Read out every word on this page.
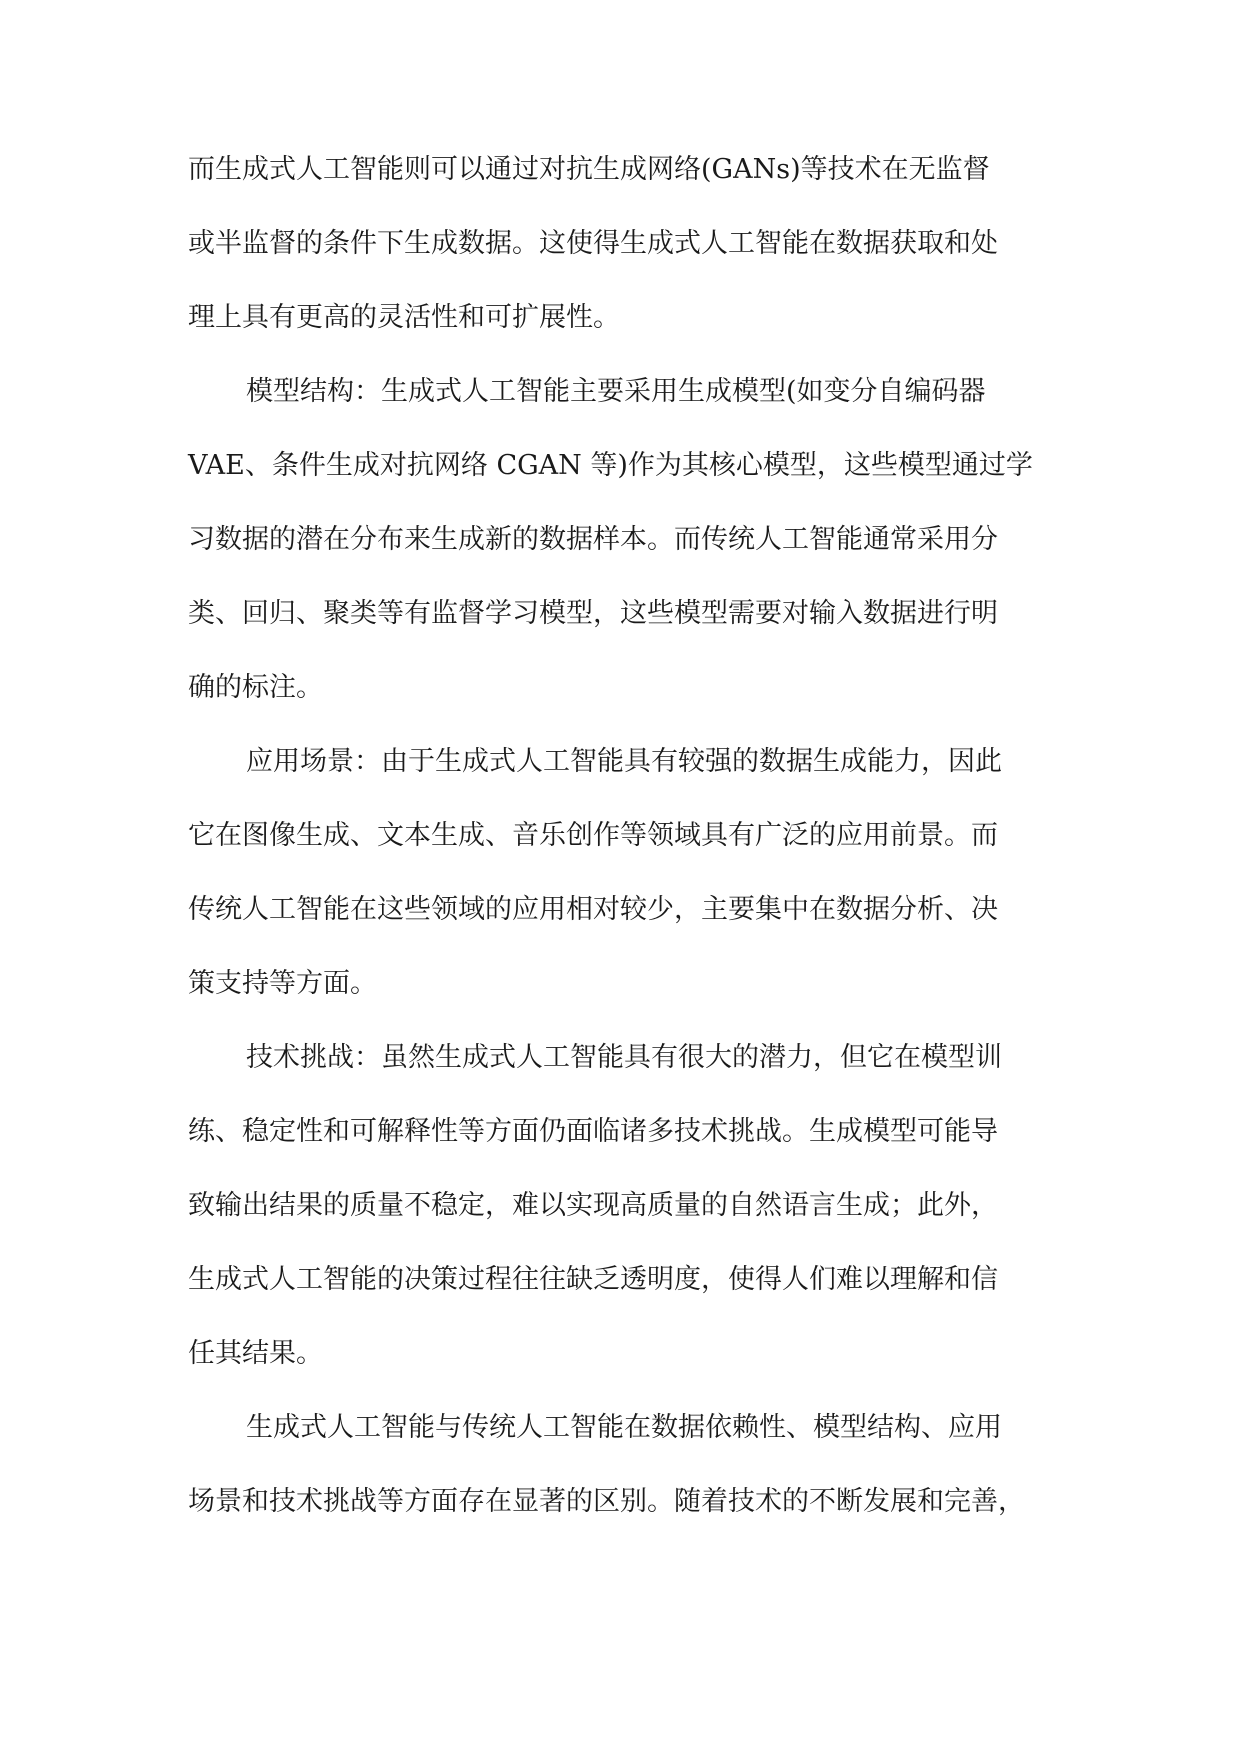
而生成式人工智能则可以通过对抗生成网络(GANs)等技术在无监督
或半监督的条件下生成数据。这使得生成式人工智能在数据获取和处
理上具有更高的灵活性和可扩展性。
模型结构：生成式人工智能主要采用生成模型(如变分自编码器
VAE、条件生成对抗网络 CGAN 等)作为其核心模型，这些模型通过学
习数据的潜在分布来生成新的数据样本。而传统人工智能通常采用分
类、回归、聚类等有监督学习模型，这些模型需要对输入数据进行明
确的标注。
应用场景：由于生成式人工智能具有较强的数据生成能力，因此
它在图像生成、文本生成、音乐创作等领域具有广泛的应用前景。而
传统人工智能在这些领域的应用相对较少，主要集中在数据分析、决
策支持等方面。
技术挑战：虽然生成式人工智能具有很大的潜力，但它在模型训
练、稳定性和可解释性等方面仍面临诸多技术挑战。生成模型可能导
致输出结果的质量不稳定，难以实现高质量的自然语言生成；此外，
生成式人工智能的决策过程往往缺乏透明度，使得人们难以理解和信
任其结果。
生成式人工智能与传统人工智能在数据依赖性、模型结构、应用
场景和技术挑战等方面存在显著的区别。随着技术的不断发展和完善，
